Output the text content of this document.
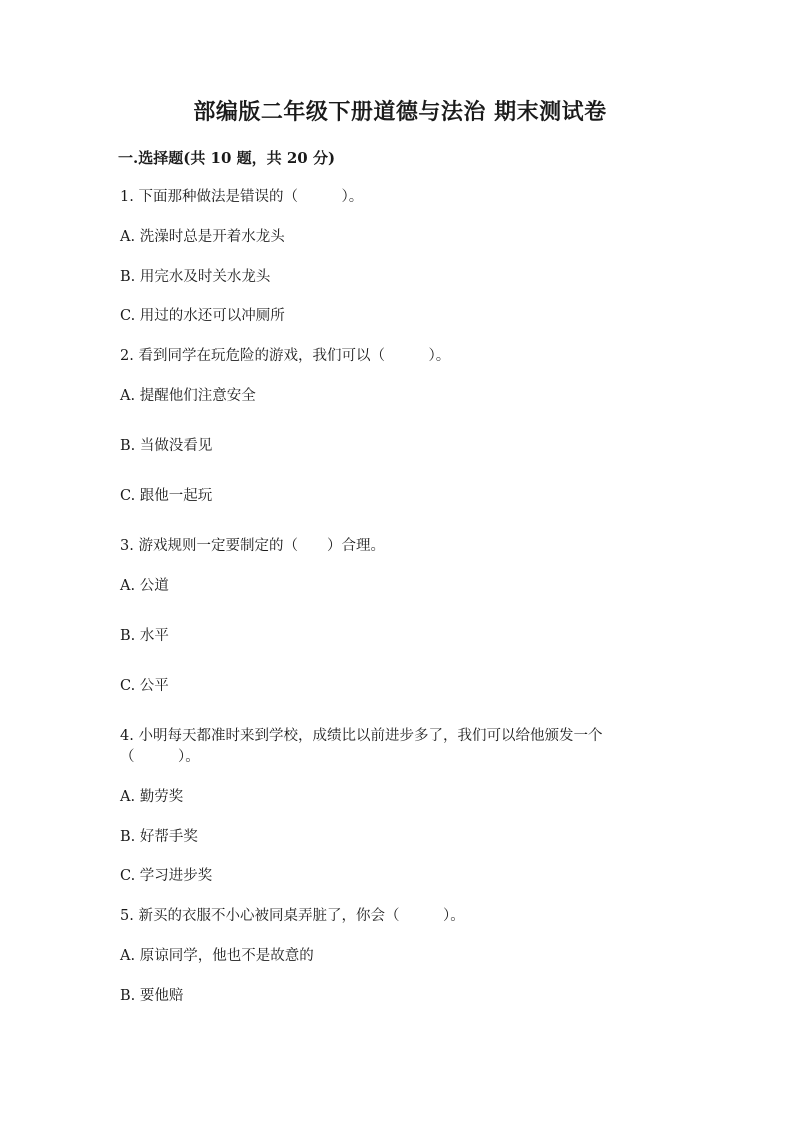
部编版二年级下册道德与法治 期末测试卷
一.选择题(共 10 题，共 20 分)
1. 下面那种做法是错误的（　　　）。
A. 洗澡时总是开着水龙头
B. 用完水及时关水龙头
C. 用过的水还可以冲厕所
2. 看到同学在玩危险的游戏，我们可以（　　　）。
A. 提醒他们注意安全
B. 当做没看见
C. 跟他一起玩
3. 游戏规则一定要制定的（　　）合理。
A. 公道
B. 水平
C. 公平
4. 小明每天都准时来到学校，成绩比以前进步多了，我们可以给他颁发一个
（　　　）。
A. 勤劳奖
B. 好帮手奖
C. 学习进步奖
5. 新买的衣服不小心被同桌弄脏了，你会（　　　）。
A. 原谅同学，他也不是故意的
B. 要他赔
